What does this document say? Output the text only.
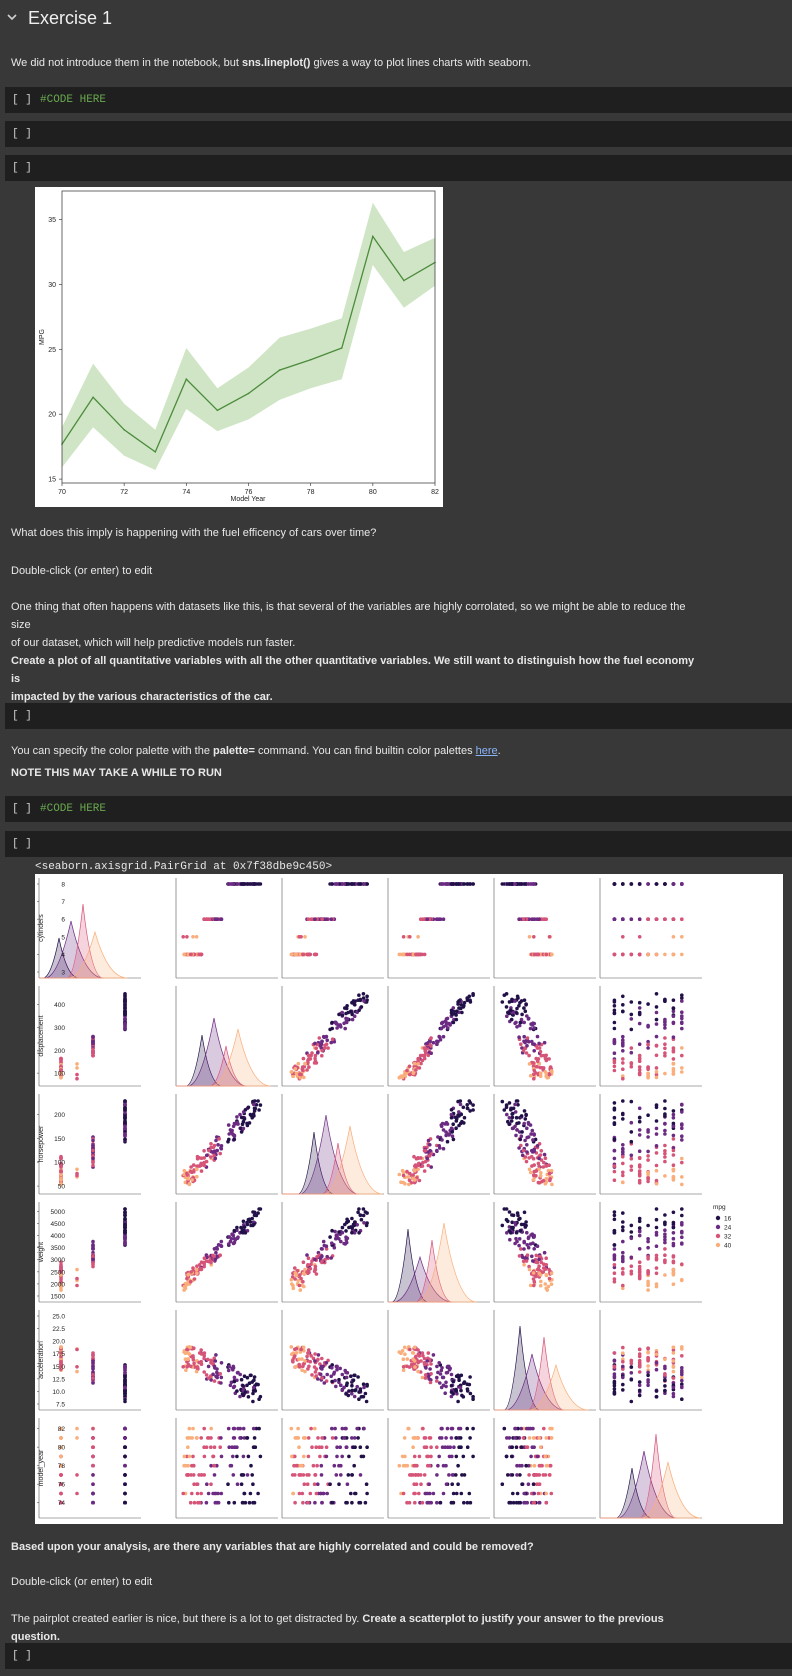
Exercise 1
We did not introduce them in the notebook, but sns.lineplot() gives a way to plot lines charts with seaborn.
[ ] #CODE HERE
[ ]
[ ]
70	72	74	76	78	80	82
15
20
25
30
35
Model Year
MPG
What does this imply is happening with the fuel efficency of cars over time?
Double-click (or enter) to edit
One thing that often happens with datasets like this, is that several of the variables are highly corrolated, so we might be able to reduce the size
of our dataset, which will help predictive models run faster.
Create a plot of all quantitative variables with all the other quantitative variables. We still want to distinguish how the fuel economy is
impacted by the various characteristics of the car.
[ ]
You can specify the color palette with the palette= command. You can find builtin color palettes here.
NOTE THIS MAY TAKE A WHILE TO RUN
[ ] #CODE HERE
[ ]
<seaborn.axisgrid.PairGrid at 0x7f38dbe9c450>
8
7
6
5
4
3
cylinders
400
300
200
100
displacement
200
150
100
50
horsepower
5000
4500
4000
3500
3000
2500
2000
1500
weight
25.0
22.5
20.0
17.5
15.0
12.5
10.0
7.5
acceleration
82
80
78
76
74
model_year
mpg
16
24
32
40
Based upon your analysis, are there any variables that are highly correlated and could be removed?
Double-click (or enter) to edit
The pairplot created earlier is nice, but there is a lot to get distracted by. Create a scatterplot to justify your answer to the previous question.
[ ]
